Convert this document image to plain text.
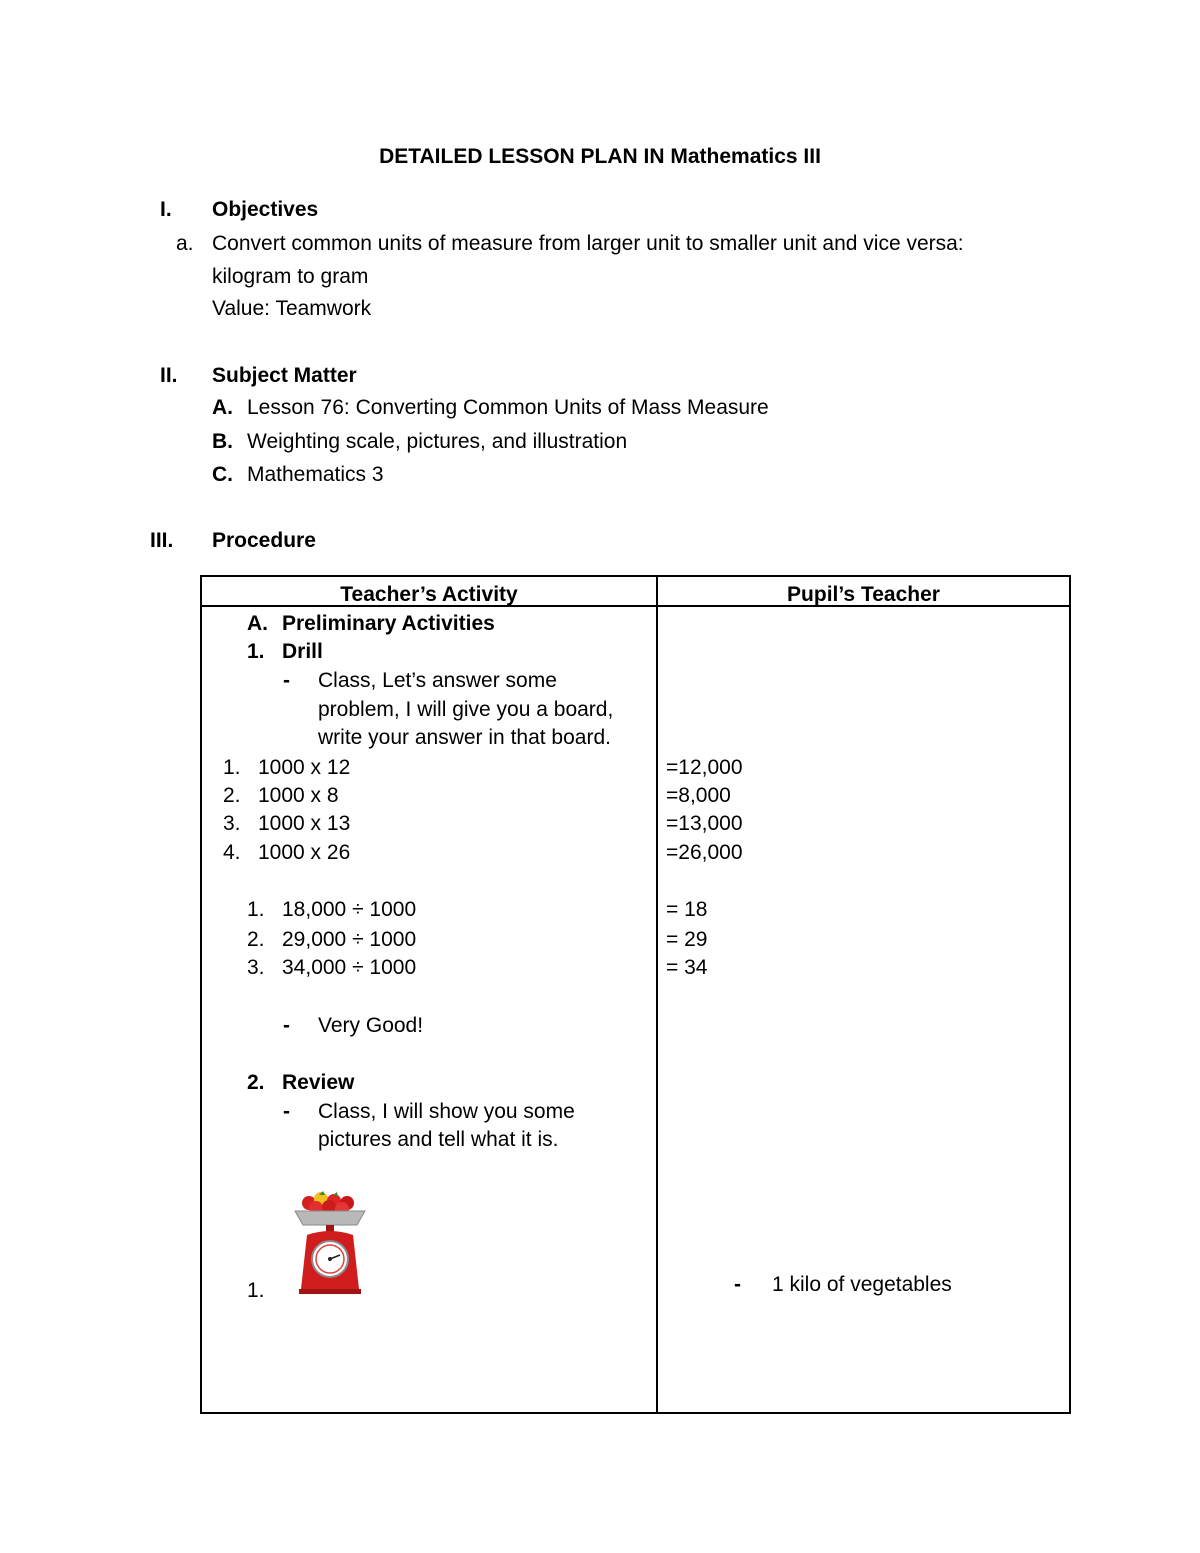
DETAILED LESSON PLAN IN Mathematics III
I. Objectives
a. Convert common units of measure from larger unit to smaller unit and vice versa:
kilogram to gram
Value: Teamwork
II. Subject Matter
A. Lesson 76: Converting Common Units of Mass Measure
B. Weighting scale, pictures, and illustration
C. Mathematics 3
III. Procedure
Teacher’s Activity	Pupil’s Teacher
A. Preliminary Activities
1. Drill
- Class, Let’s answer some
problem, I will give you a board,
write your answer in that board.
1. 1000 x 12	=12,000
2. 1000 x 8	=8,000
3. 1000 x 13	=13,000
4. 1000 x 26	=26,000
1. 18,000 ÷ 1000	= 18
2. 29,000 ÷ 1000	= 29
3. 34,000 ÷ 1000	= 34
- Very Good!
2. Review
- Class, I will show you some
pictures and tell what it is.
1.	- 1 kilo of vegetables
